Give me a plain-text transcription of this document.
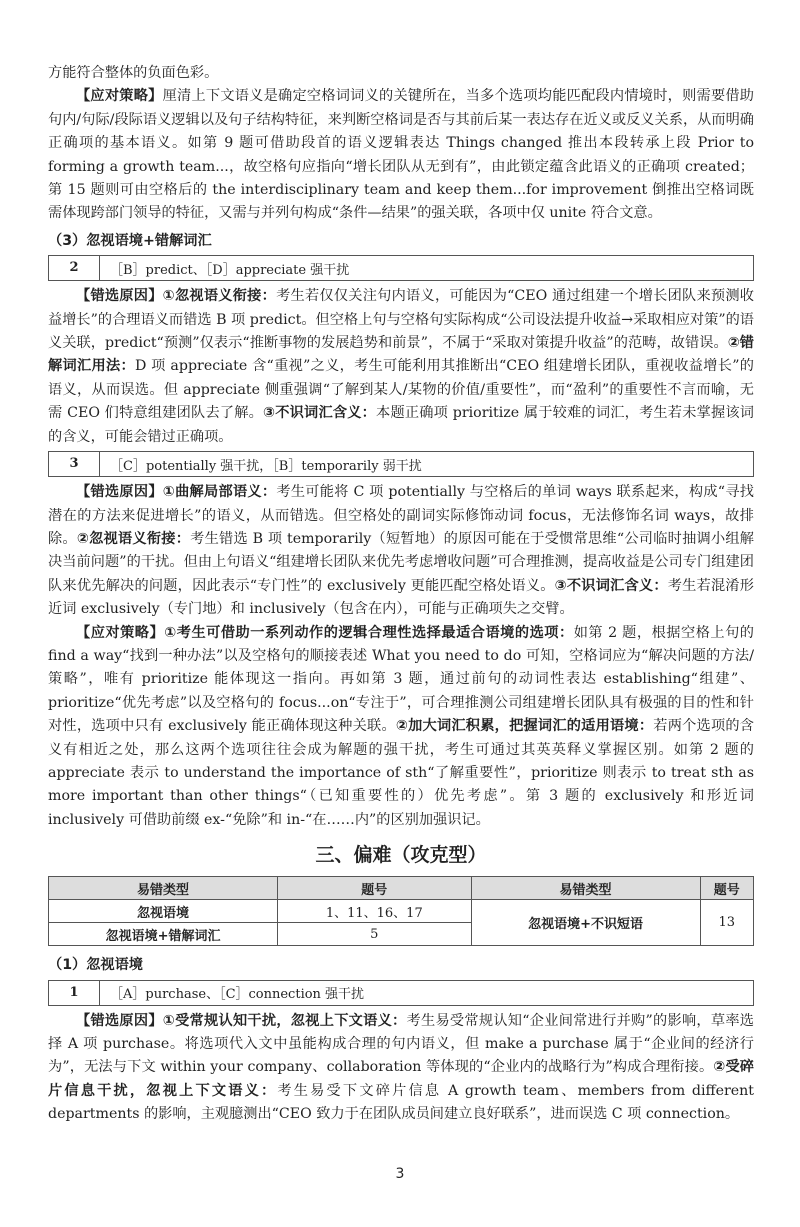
方能符合整体的负面色彩。

【应对策略】厘清上下文语义是确定空格词词义的关键所在，当多个选项均能匹配段内情境时，则需要借助句内/句际/段际语义逻辑以及句子结构特征，来判断空格词是否与其前后某一表达存在近义或反义关系，从而明确正确项的基本语义。如第 9 题可借助段首的语义逻辑表达 Things changed 推出本段转承上段 Prior to forming a growth team...，故空格句应指向“增长团队从无到有”，由此锁定蕴含此语义的正确项 created；第 15 题则可由空格后的 the interdisciplinary team and keep them...for improvement 倒推出空格词既需体现跨部门领导的特征，又需与并列句构成“条件—结果”的强关联，各项中仅 unite 符合文意。

（3）忽视语境+错解词汇

2	［B］predict、［D］appreciate 强干扰

【错选原因】①忽视语义衔接：考生若仅仅关注句内语义，可能因为“CEO 通过组建一个增长团队来预测收益增长”的合理语义而错选 B 项 predict。但空格上句与空格句实际构成“公司设法提升收益→采取相应对策”的语义关联，predict“预测”仅表示“推断事物的发展趋势和前景”，不属于“采取对策提升收益”的范畴，故错误。②错解词汇用法：D 项 appreciate 含“重视”之义，考生可能利用其推断出“CEO 组建增长团队，重视收益增长”的语义，从而误选。但 appreciate 侧重强调“了解到某人/某物的价值/重要性”，而“盈利”的重要性不言而喻，无需 CEO 们特意组建团队去了解。③不识词汇含义：本题正确项 prioritize 属于较难的词汇，考生若未掌握该词的含义，可能会错过正确项。

3	［C］potentially 强干扰，［B］temporarily 弱干扰

【错选原因】①曲解局部语义：考生可能将 C 项 potentially 与空格后的单词 ways 联系起来，构成“寻找潜在的方法来促进增长”的语义，从而错选。但空格处的副词实际修饰动词 focus，无法修饰名词 ways，故排除。②忽视语义衔接：考生错选 B 项 temporarily（短暂地）的原因可能在于受惯常思维“公司临时抽调小组解决当前问题”的干扰。但由上句语义“组建增长团队来优先考虑增收问题”可合理推测，提高收益是公司专门组建团队来优先解决的问题，因此表示“专门性”的 exclusively 更能匹配空格处语义。③不识词汇含义：考生若混淆形近词 exclusively（专门地）和 inclusively（包含在内），可能与正确项失之交臂。

【应对策略】①考生可借助一系列动作的逻辑合理性选择最适合语境的选项：如第 2 题，根据空格上句的 find a way“找到一种办法”以及空格句的顺接表述 What you need to do 可知，空格词应为“解决问题的方法/策略”，唯有 prioritize 能体现这一指向。再如第 3 题，通过前句的动词性表达 establishing“组建”、prioritize“优先考虑”以及空格句的 focus...on“专注于”，可合理推测公司组建增长团队具有极强的目的性和针对性，选项中只有 exclusively 能正确体现这种关联。②加大词汇积累，把握词汇的适用语境：若两个选项的含义有相近之处，那么这两个选项往往会成为解题的强干扰，考生可通过其英英释义掌握区别。如第 2 题的 appreciate 表示 to understand the importance of sth“了解重要性”，prioritize 则表示 to treat sth as more important than other things“（已知重要性的）优先考虑”。第 3 题的 exclusively 和形近词 inclusively 可借助前缀 ex-“免除”和 in-“在……内”的区别加强识记。

三、偏难（攻克型）
易错类型	题号	易错类型	题号
忽视语境	1、11、16、17	忽视语境+不识短语	13
忽视语境+错解词汇	5		

（1）忽视语境

1	［A］purchase、［C］connection 强干扰

【错选原因】①受常规认知干扰，忽视上下文语义：考生易受常规认知“企业间常进行并购”的影响，草率选择 A 项 purchase。将选项代入文中虽能构成合理的句内语义，但 make a purchase 属于“企业间的经济行为”，无法与下文 within your company、collaboration 等体现的“企业内的战略行为”构成合理衔接。②受碎片信息干扰，忽视上下文语义：考生易受下文碎片信息 A growth team、members from different departments 的影响，主观臆测出“CEO 致力于在团队成员间建立良好联系”，进而误选 C 项 connection。

3
